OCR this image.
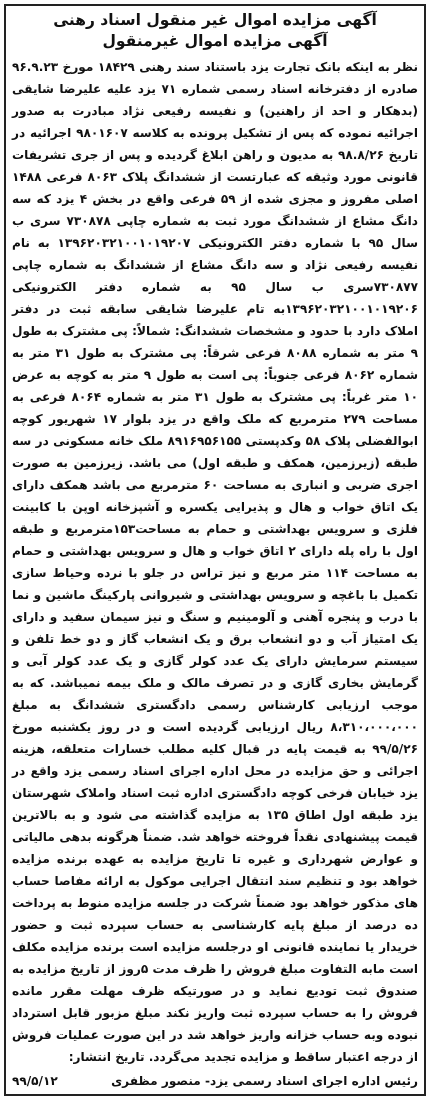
آگهی مزایده اموال غیر منقول اسناد رهنی
آگهی مزایده اموال غیرمنقول

نظر به اینکه بانک تجارت یزد باستناد سند رهنی ۱۸۴۲۹ مورخ ۹۶.۹.۲۳ صادره از دفترخانه اسناد رسمی شماره ۷۱ یزد علیه علیرضا شایقی (بدهکار و احد از راهنین) و نفیسه رفیعی نژاد مبادرت به صدور اجرائیه نموده که پس از تشکیل پرونده به کلاسه ۹۸۰۱۶۰۷ اجرائیه در تاریخ ۹۸.۸/۲۶ به مدیون و راهن ابلاغ گردیده و پس از جری تشریفات قانونی مورد وثیقه که عبارتست از ششدانگ پلاک ۸۰۶۳ فرعی ۱۴۸۸ اصلی مفروز و مجزی شده از ۵۹ فرعی واقع در بخش ۴ یزد که سه دانگ مشاع از ششدانگ مورد ثبت به شماره چاپی ۷۳۰۸۷۸ سری ب سال ۹۵ با شماره دفتر الکترونیکی ۱۳۹۶۲۰۳۲۱۰۰۱۰۱۹۲۰۷ به نام نفیسه رفیعی نژاد و سه دانگ مشاع از ششدانگ به شماره چاپی ۷۳۰۸۷۷سری ب سال ۹۵ به شماره دفتر الکترونیکی ۱۳۹۶۲۰۳۲۱۰۰۱۰۱۹۲۰۶به تام علیرضا شایقی سابقه ثبت در دفتر املاک دارد با حدود و مشخصات ششدانگ: شمالاً: پی مشترک به طول ۹ متر به شماره ۸۰۸۸ فرعی شرقاً: پی مشترک به طول ۳۱ متر به شماره ۸۰۶۲ فرعی جنوباً: پی است به طول ۹ متر به کوچه به عرض ۱۰ متر غرباً: پی مشترک به طول ۳۱ متر به شماره ۸۰۶۴ فرعی به مساحت ۲۷۹ مترمربع که ملک واقع در یزد بلوار ۱۷ شهریور کوچه ابوالفضلی پلاک ۵۸ وکدپستی ۸۹۱۶۹۵۶۱۵۵ ملک خانه مسکونی در سه طبقه (زیرزمین، همکف و طبقه اول) می باشد. زیرزمین به صورت اجری ضربی و انباری به مساحت ۶۰ مترمربع می باشد همکف دارای یک اتاق خواب و هال و پذیرایی یکسره و آشپزخانه اوپن با کابینت فلزی و سرویس بهداشتی و حمام به مساحت۱۵۳مترمربع و طبقه اول با راه پله دارای ۲ اتاق خواب و هال و سرویس بهداشتی و حمام به مساحت ۱۱۴ متر مربع و نیز تراس در جلو با نرده وحیاط سازی تکمیل با باغچه و سرویس بهداشتی و شیروانی پارکینگ ماشین و نما با درب و پنجره آهنی و آلومینیم و سنگ و نیز سیمان سفید و دارای یک امتیاز آب و دو انشعاب برق و یک انشعاب گاز و دو خط تلفن و سیستم سرمایش دارای یک عدد کولر گازی و یک عدد کولر آبی و گرمایش بخاری گازی و در تصرف مالک و ملک بیمه نمیباشد. که به موجب ارزیابی کارشناس رسمی دادگستری ششدانگ به مبلغ ۸،۳۱۰،۰۰۰،۰۰۰ ریال ارزیابی گردیده است و در روز یکشنبه مورخ ۹۹/۵/۲۶ به قیمت پایه در قبال کلیه مطلب خسارات متعلقه، هزینه اجرائی و حق مزایده در محل اداره اجرای اسناد رسمی یزد واقع در یزد خیابان فرخی کوچه دادگستری اداره ثبت اسناد واملاک شهرستان یزد طبقه اول اطاق ۱۳۵ به مزایده گذاشته می شود و به بالاترین قیمت پیشنهادی نقداً فروخته خواهد شد. ضمناً هرگونه بدهی مالیاتی و عوارض شهرداری و غیره تا تاریخ مزایده به عهده برنده مزایده خواهد بود و تنظیم سند انتقال اجرایی موکول به ارائه مفاصا حساب های مذکور خواهد بود ضمناً شرکت در جلسه مزایده منوط به پرداخت ده درصد از مبلغ پایه کارشناسی به حساب سپرده ثبت و حضور خریدار یا نماینده قانونی او درجلسه مزایده است برنده مزایده مکلف است مابه التفاوت مبلغ فروش را ظرف مدت ۵روز از تاریخ مزایده به صندوق ثبت تودیع نماید و در صورتیکه ظرف مهلت مقرر مانده فروش را به حساب سپرده ثبت واریز نکند مبلغ مزبور قابل استرداد نبوده وبه حساب خزانه واریز خواهد شد در این صورت عملیات فروش از درجه اعتبار ساقط و مزایده تجدید می‌گردد. تاریخ انتشار:

رئیس اداره اجرای اسناد رسمی یزد- منصور مظفری
۹۹/۵/۱۲
